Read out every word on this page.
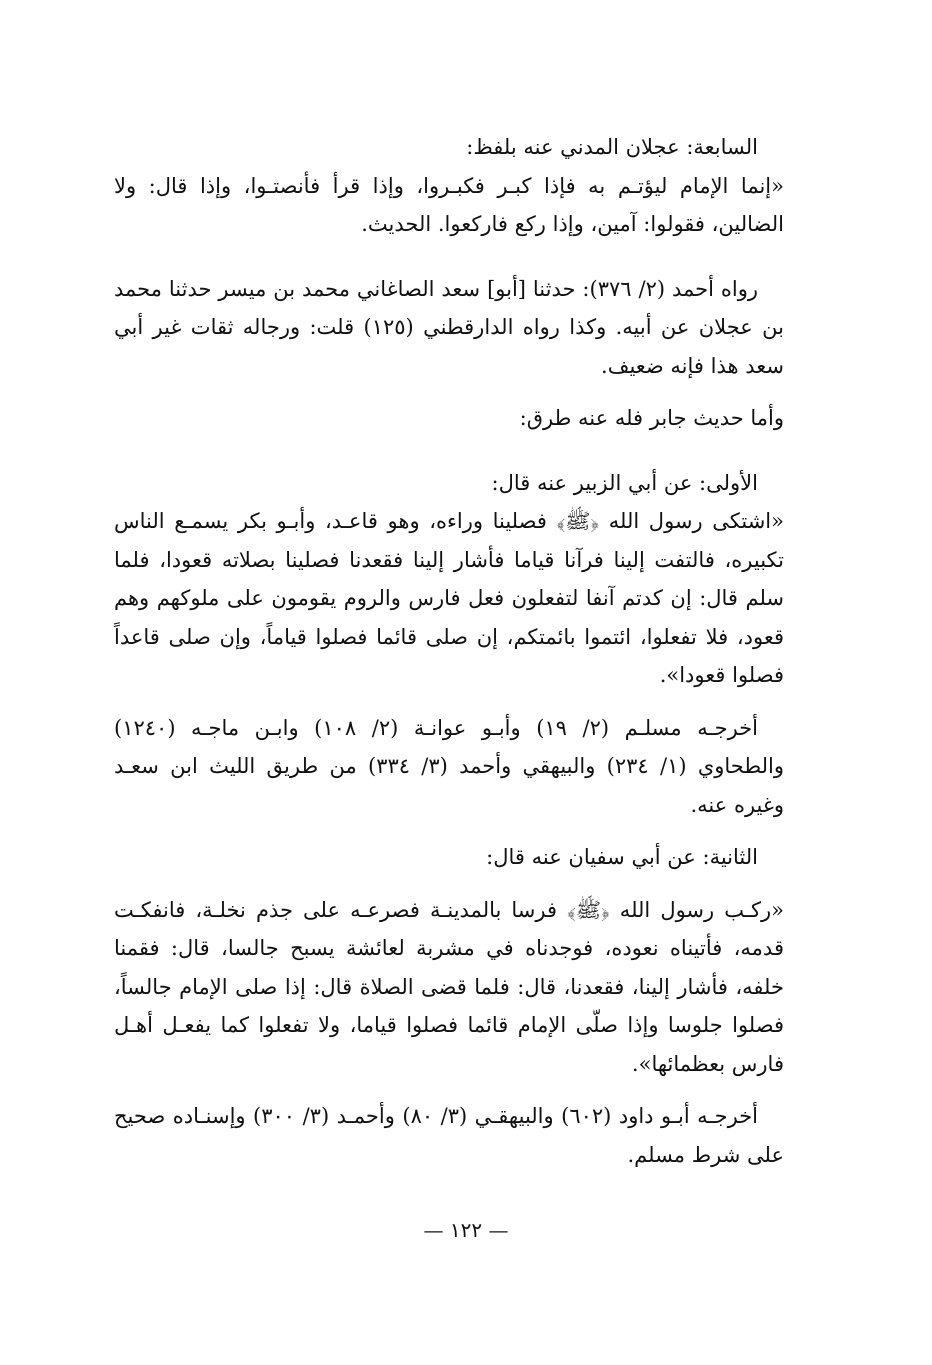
السابعة: عجلان المدني عنه بلفظ:

«إنما الإمام ليؤتـم به فإذا كبـر فكبـروا، وإذا قرأ فأنصتـوا، وإذا قال: ولا الضالين، فقولوا: آمين، وإذا ركع فاركعوا. الحديث.

رواه أحمد (٢/ ٣٧٦): حدثنا [أبو] سعد الصاغاني محمد بن ميسر حدثنا محمد بن عجلان عن أبيه. وكذا رواه الدارقطني (١٢٥) قلت: ورجاله ثقات غير أبي سعد هذا فإنه ضعيف.

وأما حديث جابر فله عنه طرق:

الأولى: عن أبي الزبير عنه قال:

«اشتكى رسول الله ﴿ﷺ﴾ فصلينا وراءه، وهو قاعـد، وأبـو بكر يسمـع الناس تكبيره، فالتفت إلينا فرآنا قياما فأشار إلينا فقعدنا فصلينا بصلاته قعودا، فلما سلم قال: إن كدتم آنفا لتفعلون فعل فارس والروم يقومون على ملوكهم وهم قعود، فلا تفعلوا، ائتموا بائمتكم، إن صلى قائما فصلوا قياماً، وإن صلى قاعداً فصلوا قعودا».

أخرجـه مسلـم (٢/ ١٩) وأبـو عوانـة (٢/ ١٠٨) وابـن ماجـه (١٢٤٠) والطحاوي (١/ ٢٣٤) والبيهقي وأحمد (٣/ ٣٣٤) من طريق الليث ابن سعـد وغيره عنه.

الثانية: عن أبي سفيان عنه قال:

«ركـب رسول الله ﴿ﷺ﴾ فرسا بالمدينـة فصرعـه على جذم نخلـة، فانفكـت قدمه، فأتيناه نعوده، فوجدناه في مشربة لعائشة يسبح جالسا، قال: فقمنا خلفه، فأشار إلينا، فقعدنا، قال: فلما قضى الصلاة قال: إذا صلى الإمام جالساً، فصلوا جلوسا وإذا صلّى الإمام قائما فصلوا قياما، ولا تفعلوا كما يفعـل أهـل فارس بعظمائها».

أخرجـه أبـو داود (٦٠٢) والبيهقـي (٣/ ٨٠) وأحمـد (٣/ ٣٠٠) وإسنـاده صحيح على شرط مسلم.

— ١٢٢ —
